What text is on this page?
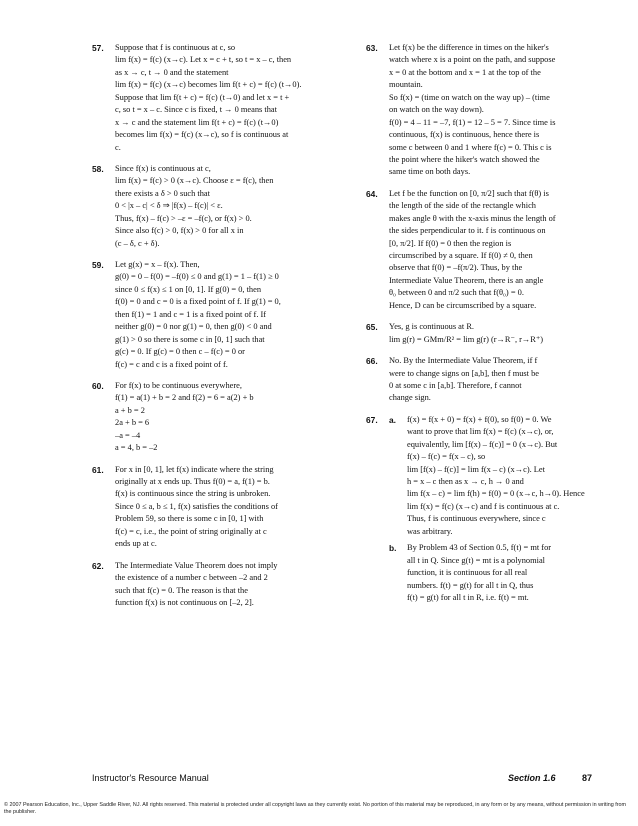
57. Suppose that f is continuous at c, so
lim f(x) = f(c) (x→c). Let x = c + t, so t = x – c, then
as x → c, t → 0 and the statement
lim f(x) = f(c) (x→c) becomes lim f(t + c) = f(c) (t→0).
Suppose that lim f(t + c) = f(c) (t→0) and let x = t +
c, so t = x – c. Since c is fixed, t → 0 means that
x → c and the statement lim f(t + c) = f(c) (t→0)
becomes lim f(x) = f(c) (x→c), so f is continuous at
c.
58. Since f(x) is continuous at c,
lim f(x) = f(c) > 0 (x→c). Choose ε = f(c), then
there exists a δ > 0 such that
0 < |x – c| < δ ⇒ |f(x) – f(c)| < ε.
Thus, f(x) – f(c) > –ε = –f(c), or f(x) > 0.
Since also f(c) > 0, f(x) > 0 for all x in
(c – δ, c + δ).
59. Let g(x) = x – f(x). Then,
g(0) = 0 – f(0) = –f(0) ≤ 0 and g(1) = 1 – f(1) ≥ 0
since 0 ≤ f(x) ≤ 1 on [0, 1]. If g(0) = 0, then
f(0) = 0 and c = 0 is a fixed point of f. If g(1) = 0,
then f(1) = 1 and c = 1 is a fixed point of f. If
neither g(0) = 0 nor g(1) = 0, then g(0) < 0 and
g(1) > 0 so there is some c in [0, 1] such that
g(c) = 0. If g(c) = 0 then c – f(c) = 0 or
f(c) = c and c is a fixed point of f.
60. For f(x) to be continuous everywhere,
f(1) = a(1) + b = 2 and f(2) = 6 = a(2) + b
a + b = 2
2a + b = 6
–a = –4
a = 4, b = –2
61. For x in [0, 1], let f(x) indicate where the string
originally at x ends up. Thus f(0) = a, f(1) = b.
f(x) is continuous since the string is unbroken.
Since 0 ≤ a, b ≤ 1, f(x) satisfies the conditions of
Problem 59, so there is some c in [0, 1] with
f(c) = c, i.e., the point of string originally at c
ends up at c.
62. The Intermediate Value Theorem does not imply
the existence of a number c between –2 and 2
such that f(c) = 0. The reason is that the
function f(x) is not continuous on [–2, 2].
63. Let f(x) be the difference in times on the hiker's
watch where x is a point on the path, and suppose
x = 0 at the bottom and x = 1 at the top of the
mountain.
So f(x) = (time on watch on the way up) – (time
on watch on the way down).
f(0) = 4 – 11 = –7, f(1) = 12 – 5 = 7. Since time is
continuous, f(x) is continuous, hence there is
some c between 0 and 1 where f(c) = 0. This c is
the point where the hiker's watch showed the
same time on both days.
64. Let f be the function on [0, π/2] such that f(θ) is
the length of the side of the rectangle which
makes angle θ with the x-axis minus the length of
the sides perpendicular to it. f is continuous on
[0, π/2]. If f(0) = 0 then the region is
circumscribed by a square. If f(0) ≠ 0, then
observe that f(0) = –f(π/2). Thus, by the
Intermediate Value Theorem, there is an angle
θ₀ between 0 and π/2 such that f(θ₀) = 0.
Hence, D can be circumscribed by a square.
65. Yes, g is continuous at R.
lim g(r) = GMm/R² = lim g(r) (r→R⁻, r→R⁺)
66. No. By the Intermediate Value Theorem, if f
were to change signs on [a,b], then f must be
0 at some c in [a,b]. Therefore, f cannot
change sign.
67. a. f(x) = f(x + 0) = f(x) + f(0), so f(0) = 0. We
want to prove that lim f(x) = f(c) (x→c), or,
equivalently, lim [f(x) – f(c)] = 0 (x→c). But
f(x) – f(c) = f(x – c), so
lim [f(x) – f(c)] = lim f(x – c) (x→c). Let
h = x – c then as x → c, h → 0 and
lim f(x – c) = lim f(h) = f(0) = 0 (x→c, h→0). Hence
lim f(x) = f(c) (x→c) and f is continuous at c.
Thus, f is continuous everywhere, since c
was arbitrary.
b. By Problem 43 of Section 0.5, f(t) = mt for
all t in Q. Since g(t) = mt is a polynomial
function, it is continuous for all real
numbers. f(t) = g(t) for all t in Q, thus
f(t) = g(t) for all t in R, i.e. f(t) = mt.
Instructor's Resource Manual	Section 1.6	87
© 2007 Pearson Education, Inc., Upper Saddle River, NJ. All rights reserved. This material is protected under all copyright laws as they currently exist. No portion of this material may be reproduced, in any form or by any means, without permission in writing from the publisher.
